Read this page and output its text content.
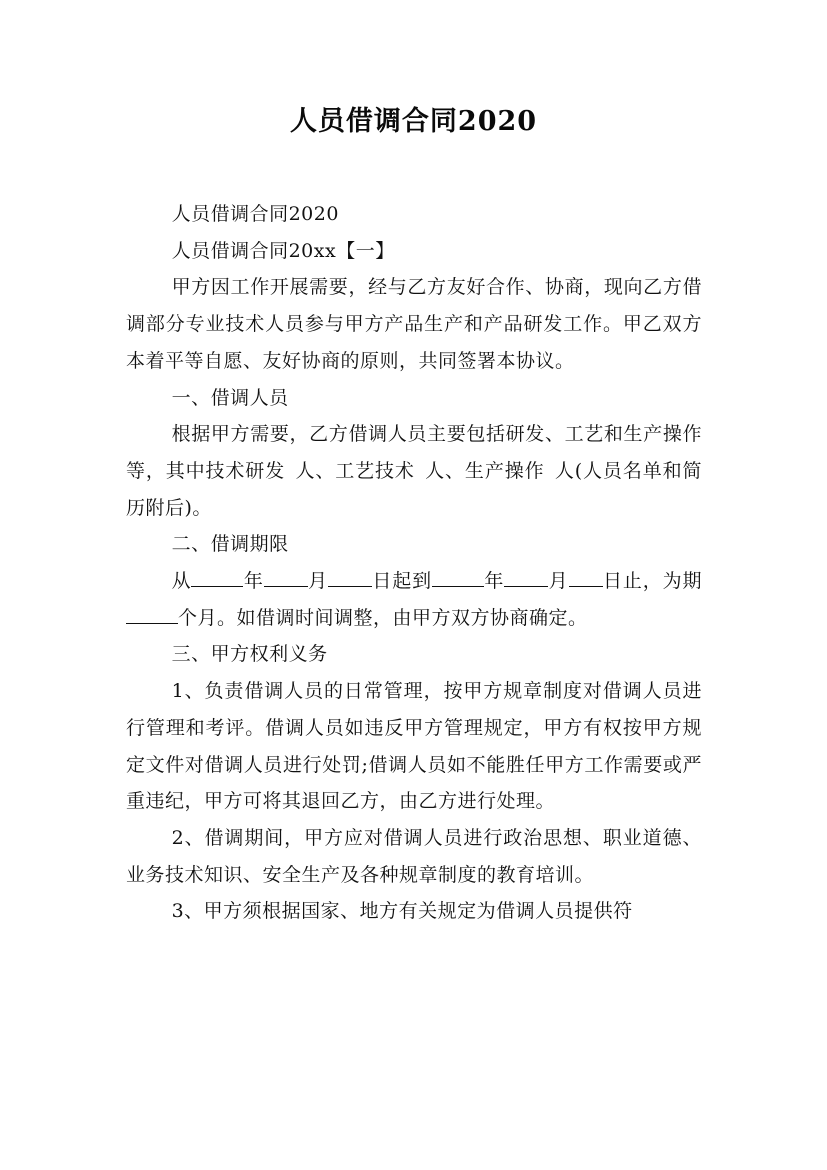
人员借调合同2020

人员借调合同2020

人员借调合同20xx【一】

甲方因工作开展需要，经与乙方友好合作、协商，现向乙方借调部分专业技术人员参与甲方产品生产和产品研发工作。甲乙双方本着平等自愿、友好协商的原则，共同签署本协议。

一、借调人员

根据甲方需要，乙方借调人员主要包括研发、工艺和生产操作等，其中技术研发 人、工艺技术 人、生产操作 人(人员名单和简历附后)。

二、借调期限

从	年 月 日起到	年 月 日止，为期个月。如借调时间调整，由甲方双方协商确定。

三、甲方权利义务

1、负责借调人员的日常管理，按甲方规章制度对借调人员进行管理和考评。借调人员如违反甲方管理规定，甲方有权按甲方规定文件对借调人员进行处罚;借调人员如不能胜任甲方工作需要或严重违纪，甲方可将其退回乙方，由乙方进行处理。

2、借调期间，甲方应对借调人员进行政治思想、职业道德、业务技术知识、安全生产及各种规章制度的教育培训。

3、甲方须根据国家、地方有关规定为借调人员提供符
